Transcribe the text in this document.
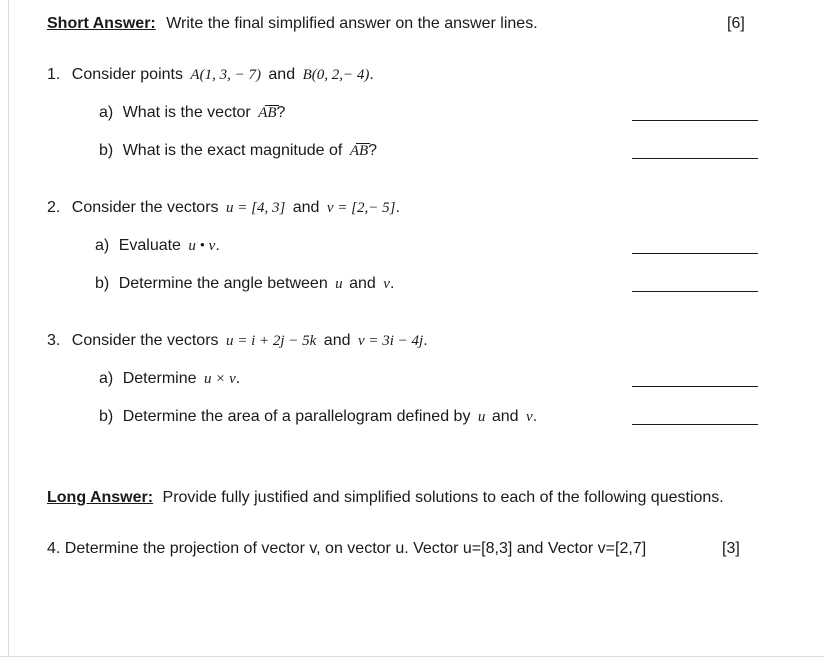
Short Answer: Write the final simplified answer on the answer lines.	[6]
1. Consider points A(1, 3, − 7) and B(0, 2,− 4).
a) What is the vector AB?
b) What is the exact magnitude of AB?
2. Consider the vectors u = [4, 3] and v = [2,− 5].
a) Evaluate u • v.
b) Determine the angle between u and v.
3. Consider the vectors u = i + 2j − 5k and v = 3i − 4j.
a) Determine u × v.
b) Determine the area of a parallelogram defined by u and v.
Long Answer: Provide fully justified and simplified solutions to each of the following questions.
4. Determine the projection of vector v, on vector u. Vector u=[8,3] and Vector v=[2,7]	[3]
